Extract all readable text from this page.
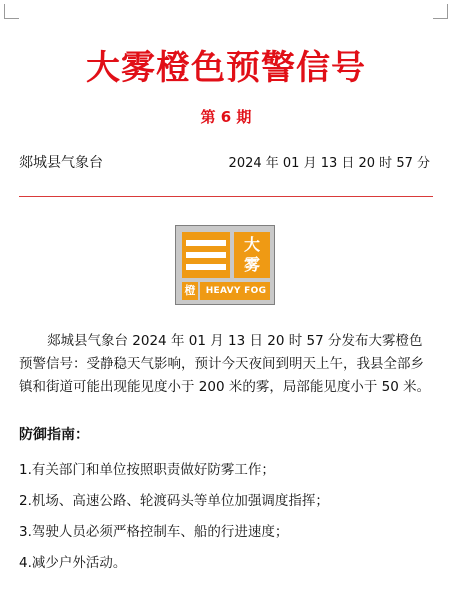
大雾橙色预警信号
第 6 期
郯城县气象台	2024 年 01 月 13 日 20 时 57 分
大
雾
橙	HEAVY FOG

郯城县气象台 2024 年 01 月 13 日 20 时 57 分发布大雾橙色预警信号：受静稳天气影响，预计今天夜间到明天上午，我县全部乡镇和街道可能出现能见度小于 200 米的雾，局部能见度小于 50 米。

防御指南：
1.有关部门和单位按照职责做好防雾工作；
2.机场、高速公路、轮渡码头等单位加强调度指挥；
3.驾驶人员必须严格控制车、船的行进速度；
4.减少户外活动。
